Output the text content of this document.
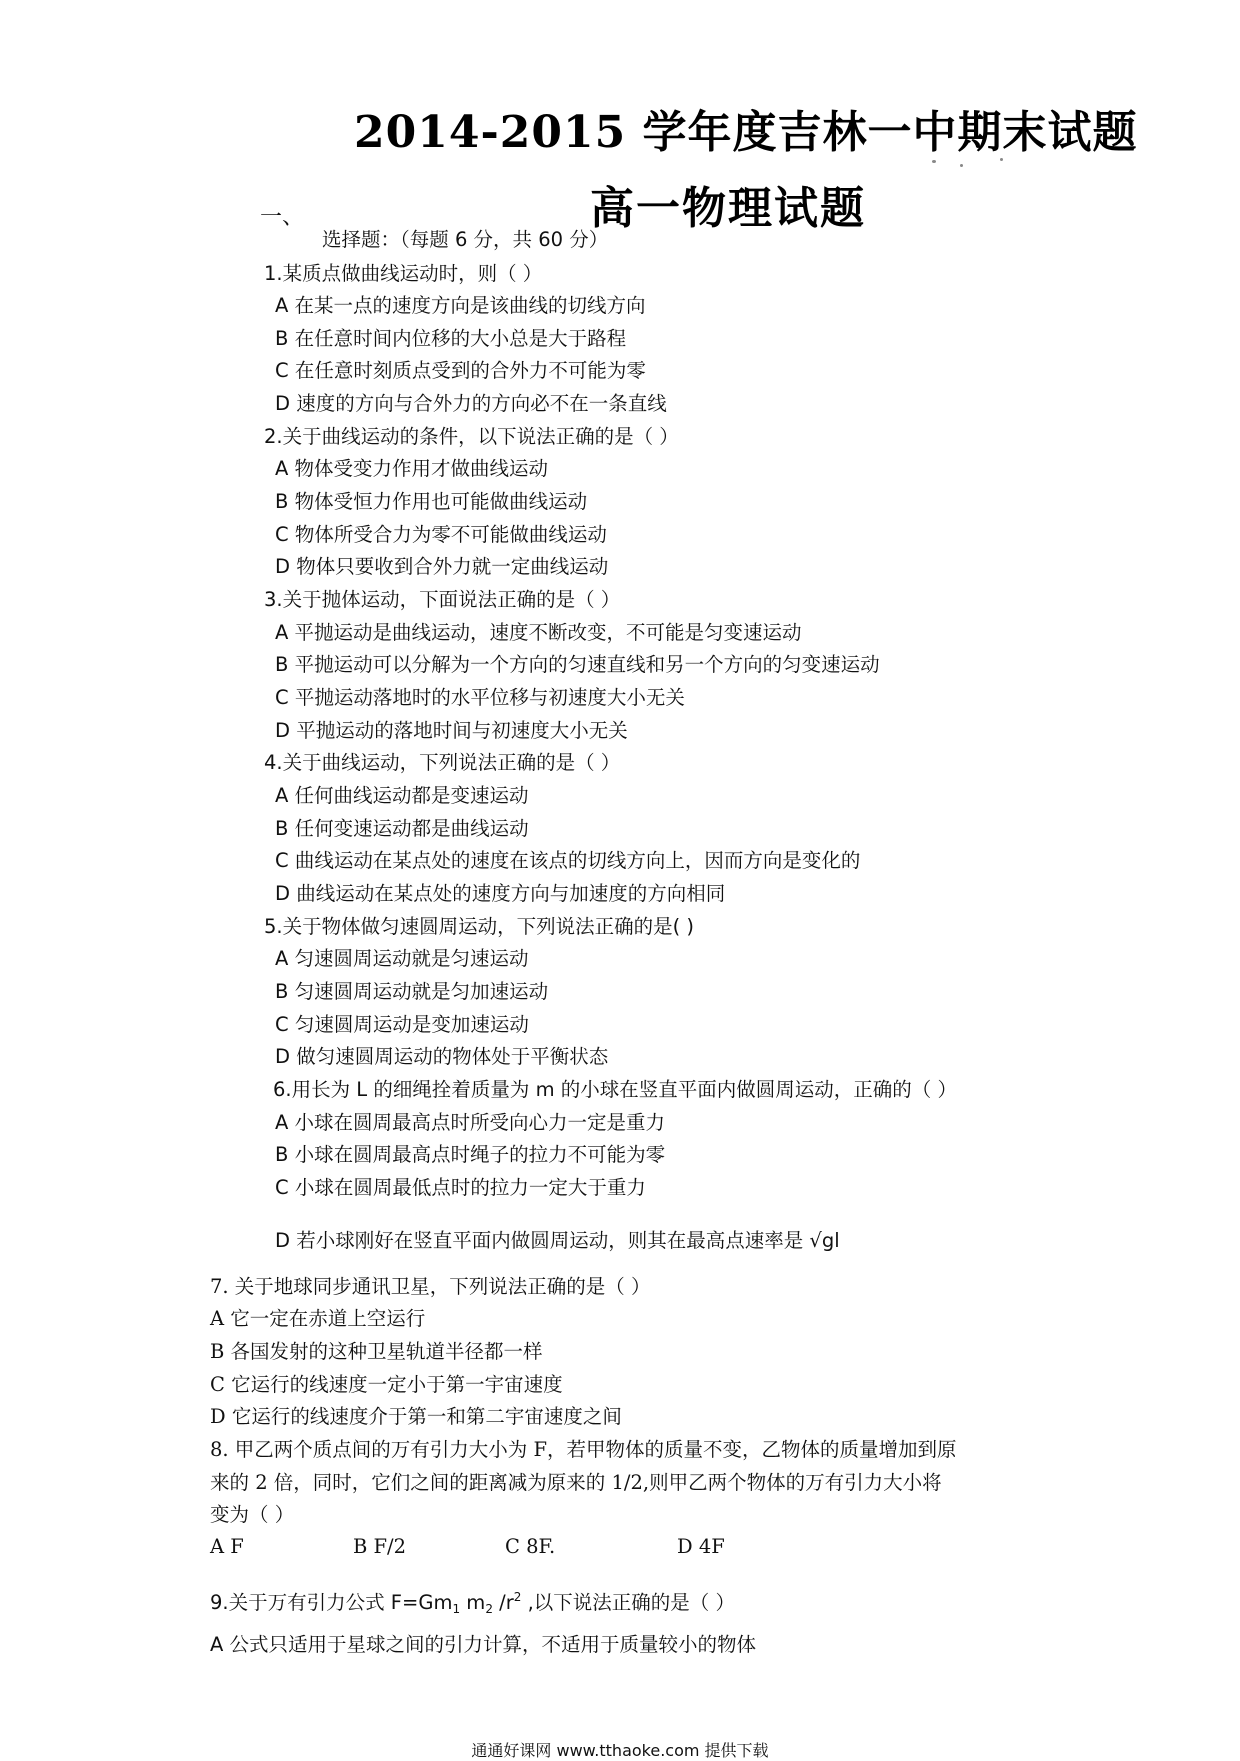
2014-2015 学年度吉林一中期末试题
高一物理试题
一、
选择题：（每题 6 分，共 60 分）
1.某质点做曲线运动时，则（ ）
A 在某一点的速度方向是该曲线的切线方向
B 在任意时间内位移的大小总是大于路程
C 在任意时刻质点受到的合外力不可能为零
D 速度的方向与合外力的方向必不在一条直线
2.关于曲线运动的条件，以下说法正确的是（ ）
A 物体受变力作用才做曲线运动
B 物体受恒力作用也可能做曲线运动
C 物体所受合力为零不可能做曲线运动
D 物体只要收到合外力就一定曲线运动
3.关于抛体运动，下面说法正确的是（ ）
A 平抛运动是曲线运动，速度不断改变，不可能是匀变速运动
B 平抛运动可以分解为一个方向的匀速直线和另一个方向的匀变速运动
C 平抛运动落地时的水平位移与初速度大小无关
D 平抛运动的落地时间与初速度大小无关
4.关于曲线运动，下列说法正确的是（ ）
A 任何曲线运动都是变速运动
B 任何变速运动都是曲线运动
C 曲线运动在某点处的速度在该点的切线方向上，因而方向是变化的
D 曲线运动在某点处的速度方向与加速度的方向相同
5.关于物体做匀速圆周运动，下列说法正确的是( )
A 匀速圆周运动就是匀速运动
B 匀速圆周运动就是匀加速运动
C 匀速圆周运动是变加速运动
D 做匀速圆周运动的物体处于平衡状态
6.用长为 L 的细绳拴着质量为 m 的小球在竖直平面内做圆周运动，正确的（ ）
A 小球在圆周最高点时所受向心力一定是重力
B 小球在圆周最高点时绳子的拉力不可能为零
C 小球在圆周最低点时的拉力一定大于重力
D 若小球刚好在竖直平面内做圆周运动，则其在最高点速率是 √gl
7. 关于地球同步通讯卫星，下列说法正确的是（ ）
A 它一定在赤道上空运行
B 各国发射的这种卫星轨道半径都一样
C 它运行的线速度一定小于第一宇宙速度
D 它运行的线速度介于第一和第二宇宙速度之间
8. 甲乙两个质点间的万有引力大小为 F，若甲物体的质量不变，乙物体的质量增加到原
来的 2 倍，同时，它们之间的距离减为原来的 1/2,则甲乙两个物体的万有引力大小将
变为（ ）
A F	B F/2	C 8F.	D 4F
9.关于万有引力公式 $F=Gm_1$ $m_2$ $/r^2$ ,以下说法正确的是（ ）
A 公式只适用于星球之间的引力计算，不适用于质量较小的物体
通通好课网 www.tthaoke.com 提供下载
